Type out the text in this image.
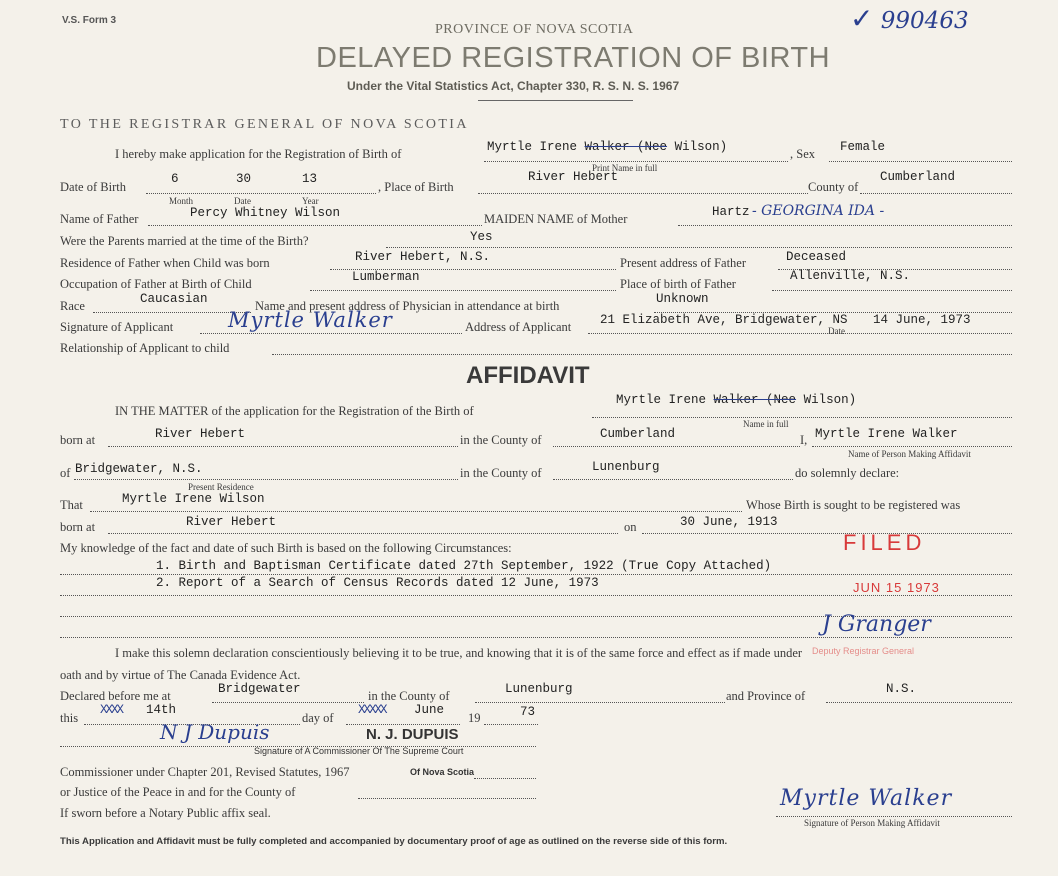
V.S. Form 3	✓ 990463
PROVINCE OF NOVA SCOTIA
DELAYED REGISTRATION OF BIRTH
Under the Vital Statistics Act, Chapter 330, R. S. N. S. 1967
TO THE REGISTRAR GENERAL OF NOVA SCOTIA
I hereby make application for the Registration of Birth of	Myrtle Irene Walker (Nee Wilson)
Print Name in full
, Sex Female
Date of Birth
6	30	13
Month	Date	Year
, Place of Birth
River Hebert
County of
Cumberland
Name of Father	Percy Whitney Wilson	MAIDEN NAME of Mother	Hartz - GEORGINA IDA -
Were the Parents married at the time of the Birth?	Yes
Residence of Father when Child was born	River Hebert, N.S.	Present address of Father	Deceased
Occupation of Father at Birth of Child	Lumberman	Place of birth of Father
Allenville, N.S.
Race	Caucasian	Name and present address of Physician in attendance at birth	Unknown
Signature of Applicant	Myrtle Walker	Address of Applicant 21 Elizabeth Ave, Bridgewater, NS
Date
14 June, 1973
Relationship of Applicant to child
AFFIDAVIT
IN THE MATTER of the application for the Registration of the Birth of
Myrtle Irene Walker (Nee Wilson)
Name in full
born at	River Hebert	in the County of	Cumberland	I, Myrtle Irene Walker
Name of Person Making Affidavit
of Bridgewater, N.S.
Present Residence
in the County of	Lunenburg	do solemnly declare:
That	Myrtle Irene Wilson	Whose Birth is sought to be registered was
born at	River Hebert	on	30 June, 1913
My knowledge of the fact and date of such Birth is based on the following Circumstances:
1. Birth and Baptisman Certificate dated 27th September, 1922 (True Copy Attached)
2. Report of a Search of Census Records dated 12 June, 1973
FILED
JUN 15 1973
J Granger
Deputy Registrar General
I make this solemn declaration conscientiously believing it to be true, and knowing that it is of the same force and effect as if made under
oath and by virtue of The Canada Evidence Act.
Declared before me at	Bridgewater	in the County of	Lunenburg	and Province of	N.S.
this
XXXX 14th
day of
XXXXX June
19	73
N J Dupuis	N. J. DUPUIS
Signature of A Commissioner Of The Supreme Court
Commissioner under Chapter 201, Revised Statutes, 1967	Of Nova Scotia
or Justice of the Peace in and for the County of
If sworn before a Notary Public affix seal.
Myrtle Walker
Signature of Person Making Affidavit
This Application and Affidavit must be fully completed and accompanied by documentary proof of age as outlined on the reverse side of this form.
